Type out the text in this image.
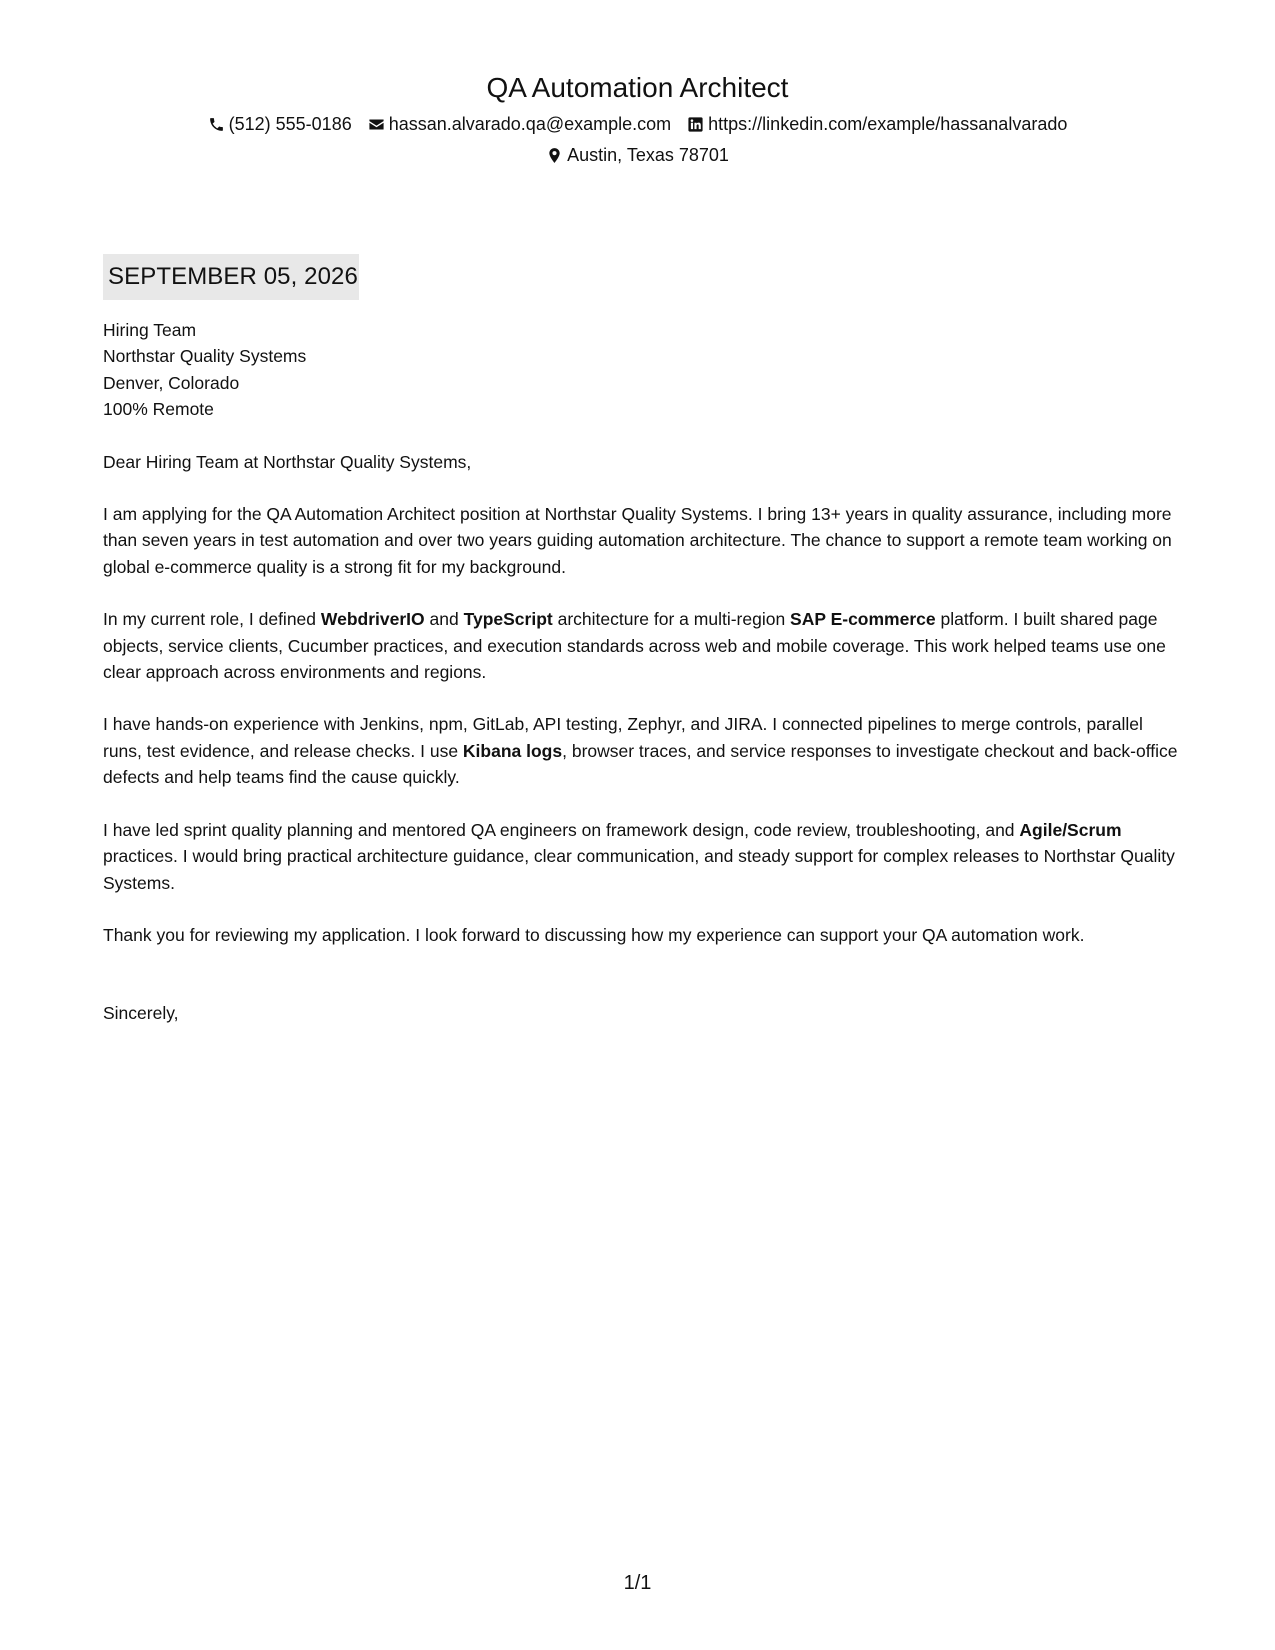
QA Automation Architect
(512) 555-0186 hassan.alvarado.qa@example.com https://linkedin.com/example/hassanalvarado
Austin, Texas 78701
SEPTEMBER 05, 2026
Hiring Team
Northstar Quality Systems
Denver, Colorado
100% Remote

Dear Hiring Team at Northstar Quality Systems,

I am applying for the QA Automation Architect position at Northstar Quality Systems. I bring 13+ years in quality assurance, including more than seven years in test automation and over two years guiding automation architecture. The chance to support a remote team working on global e-commerce quality is a strong fit for my background.

In my current role, I defined WebdriverIO and TypeScript architecture for a multi-region SAP E-commerce platform. I built shared page objects, service clients, Cucumber practices, and execution standards across web and mobile coverage. This work helped teams use one clear approach across environments and regions.

I have hands-on experience with Jenkins, npm, GitLab, API testing, Zephyr, and JIRA. I connected pipelines to merge controls, parallel runs, test evidence, and release checks. I use Kibana logs, browser traces, and service responses to investigate checkout and back-office defects and help teams find the cause quickly.

I have led sprint quality planning and mentored QA engineers on framework design, code review, troubleshooting, and Agile/Scrum practices. I would bring practical architecture guidance, clear communication, and steady support for complex releases to Northstar Quality Systems.

Thank you for reviewing my application. I look forward to discussing how my experience can support your QA automation work.

Sincerely,

1/1
